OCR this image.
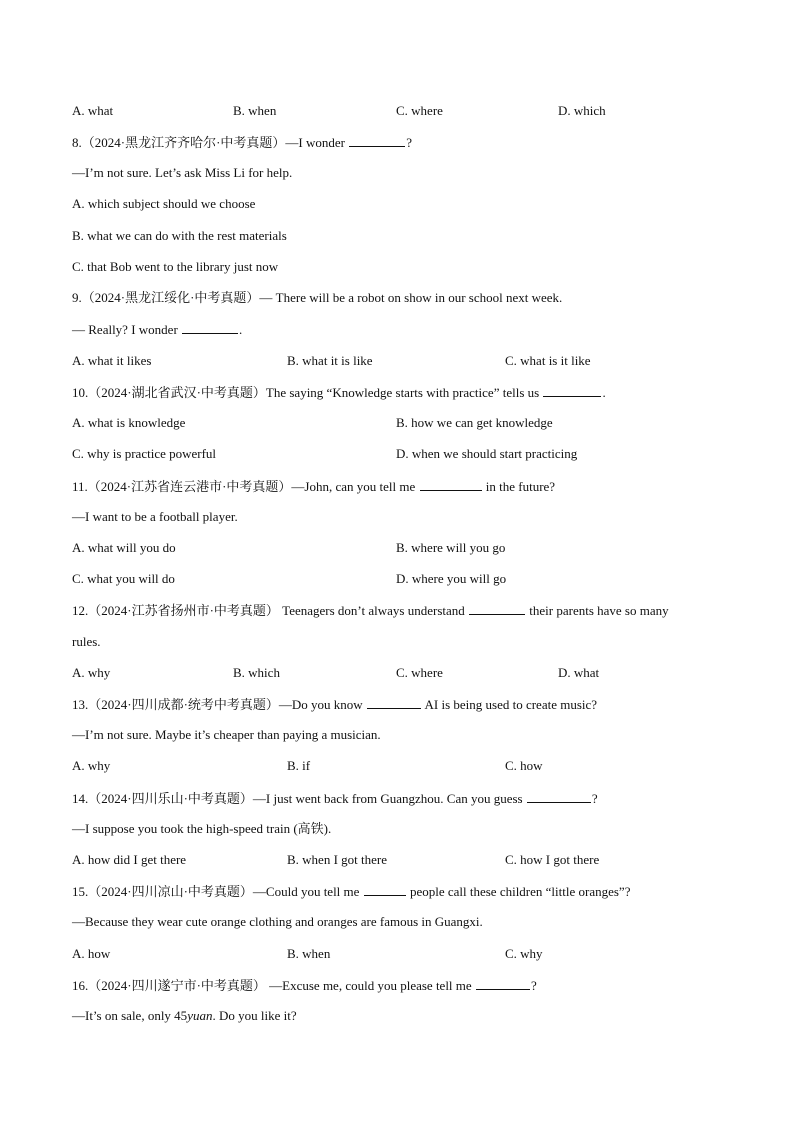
A. what	B. when	C. where	D. which
8.（2024·黑龙江齐齐哈尔·中考真题）—I wonder	?
—I’m not sure. Let’s ask Miss Li for help.
A. which subject should we choose
B. what we can do with the rest materials
C. that Bob went to the library just now
9.（2024·黑龙江绥化·中考真题）— There will be a robot on show in our school next week.
— Really? I wonder	.
A. what it likes	B. what it is like	C. what is it like
10.（2024·湖北省武汉·中考真题）The saying “Knowledge starts with practice” tells us	.
A. what is knowledge	B. how we can get knowledge
C. why is practice powerful	D. when we should start practicing
11.（2024·江苏省连云港市·中考真题）—John, can you tell me	in the future?
—I want to be a football player.
A. what will you do	B. where will you go
C. what you will do	D. where you will go
12.（2024·江苏省扬州市·中考真题） Teenagers don’t always understand	their parents have so many
rules.
A. why	B. which	C. where	D. what
13.（2024·四川成都·统考中考真题）—Do you know	AI is being used to create music?
—I’m not sure. Maybe it’s cheaper than paying a musician.
A. why	B. if	C. how
14.（2024·四川乐山·中考真题）—I just went back from Guangzhou. Can you guess	?
—I suppose you took the high-speed train (高铁).
A. how did I get there	B. when I got there	C. how I got there
15.（2024·四川凉山·中考真题）—Could you tell me	people call these children “little oranges”?
—Because they wear cute orange clothing and oranges are famous in Guangxi.
A. how	B. when	C. why
16.（2024·四川遂宁市·中考真题） —Excuse me, could you please tell me	?
—It’s on sale, only 45yuan. Do you like it?
